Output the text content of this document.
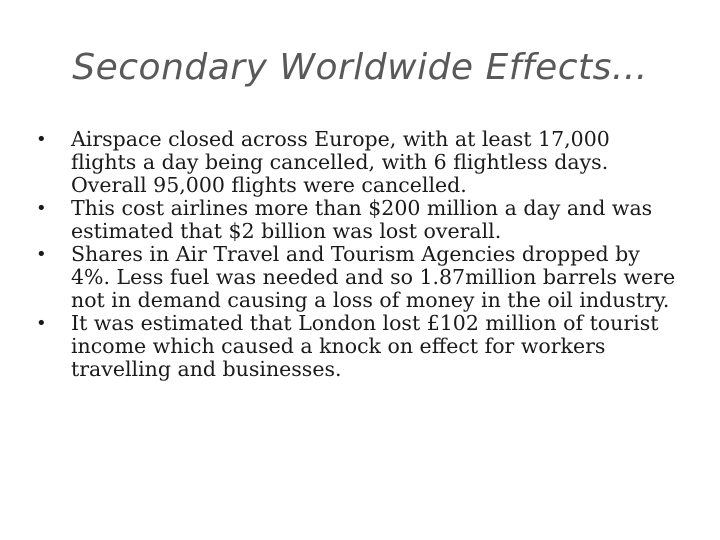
Secondary Worldwide Effects...
•	Airspace closed across Europe, with at least 17,000 flights a day being cancelled, with 6 flightless days. Overall 95,000 flights were cancelled.
•	This cost airlines more than $200 million a day and was estimated that $2 billion was lost overall.
•	Shares in Air Travel and Tourism Agencies dropped by 4%. Less fuel was needed and so 1.87million barrels were not in demand causing a loss of money in the oil industry.
•	It was estimated that London lost £102 million of tourist income which caused a knock on effect for workers travelling and businesses.
